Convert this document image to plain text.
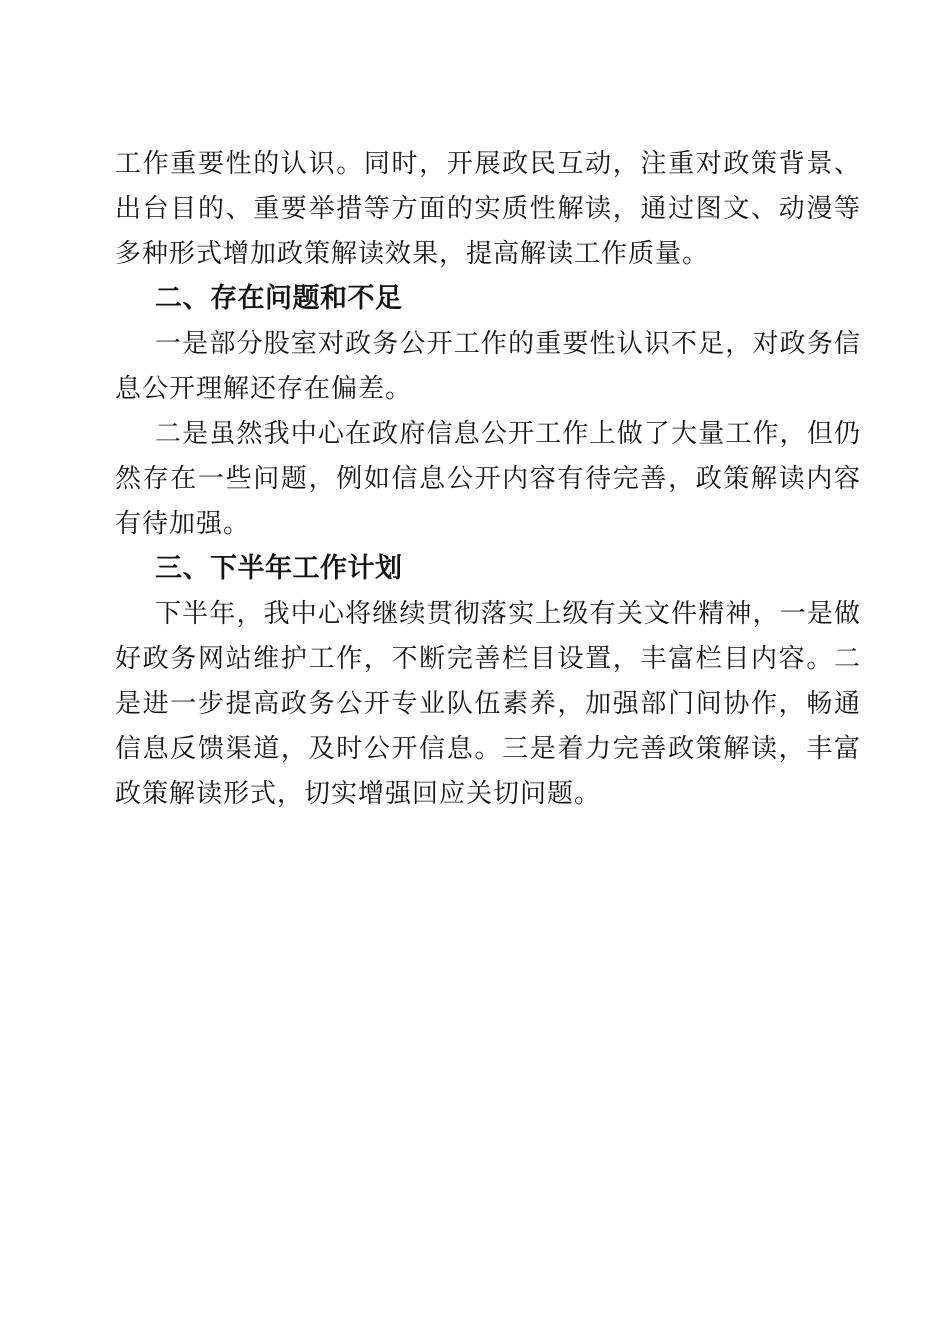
工作重要性的认识。同时，开展政民互动，注重对政策背景、
出台目的、重要举措等方面的实质性解读，通过图文、动漫等
多种形式增加政策解读效果，提高解读工作质量。
二、存在问题和不足
一是部分股室对政务公开工作的重要性认识不足，对政务信
息公开理解还存在偏差。
二是虽然我中心在政府信息公开工作上做了大量工作，但仍
然存在一些问题，例如信息公开内容有待完善，政策解读内容
有待加强。
三、下半年工作计划
下半年，我中心将继续贯彻落实上级有关文件精神，一是做
好政务网站维护工作，不断完善栏目设置，丰富栏目内容。二
是进一步提高政务公开专业队伍素养，加强部门间协作，畅通
信息反馈渠道，及时公开信息。三是着力完善政策解读，丰富
政策解读形式，切实增强回应关切问题。
